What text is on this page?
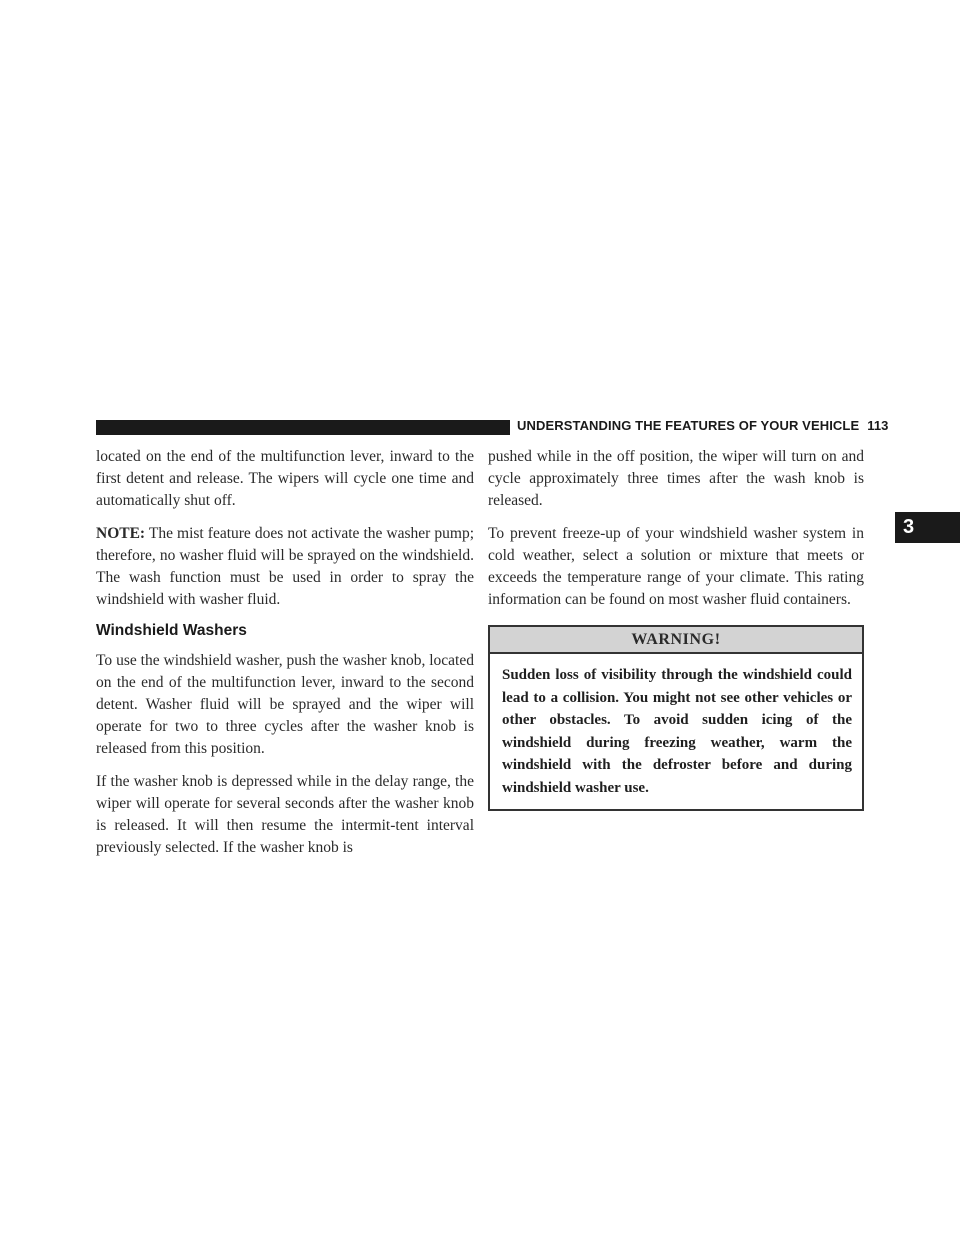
UNDERSTANDING THE FEATURES OF YOUR VEHICLE 113
3

located on the end of the multifunction lever, inward to the first detent and release. The wipers will cycle one time and automatically shut off.

NOTE: The mist feature does not activate the washer pump; therefore, no washer fluid will be sprayed on the windshield. The wash function must be used in order to spray the windshield with washer fluid.

Windshield Washers

To use the windshield washer, push the washer knob, located on the end of the multifunction lever, inward to the second detent. Washer fluid will be sprayed and the wiper will operate for two to three cycles after the washer knob is released from this position.

If the washer knob is depressed while in the delay range, the wiper will operate for several seconds after the washer knob is released. It will then resume the intermit-tent interval previously selected. If the washer knob is

pushed while in the off position, the wiper will turn on and cycle approximately three times after the wash knob is released.

To prevent freeze-up of your windshield washer system in cold weather, select a solution or mixture that meets or exceeds the temperature range of your climate. This rating information can be found on most washer fluid containers.

WARNING!
Sudden loss of visibility through the windshield could lead to a collision. You might not see other vehicles or other obstacles. To avoid sudden icing of the windshield during freezing weather, warm the windshield with the defroster before and during windshield washer use.
